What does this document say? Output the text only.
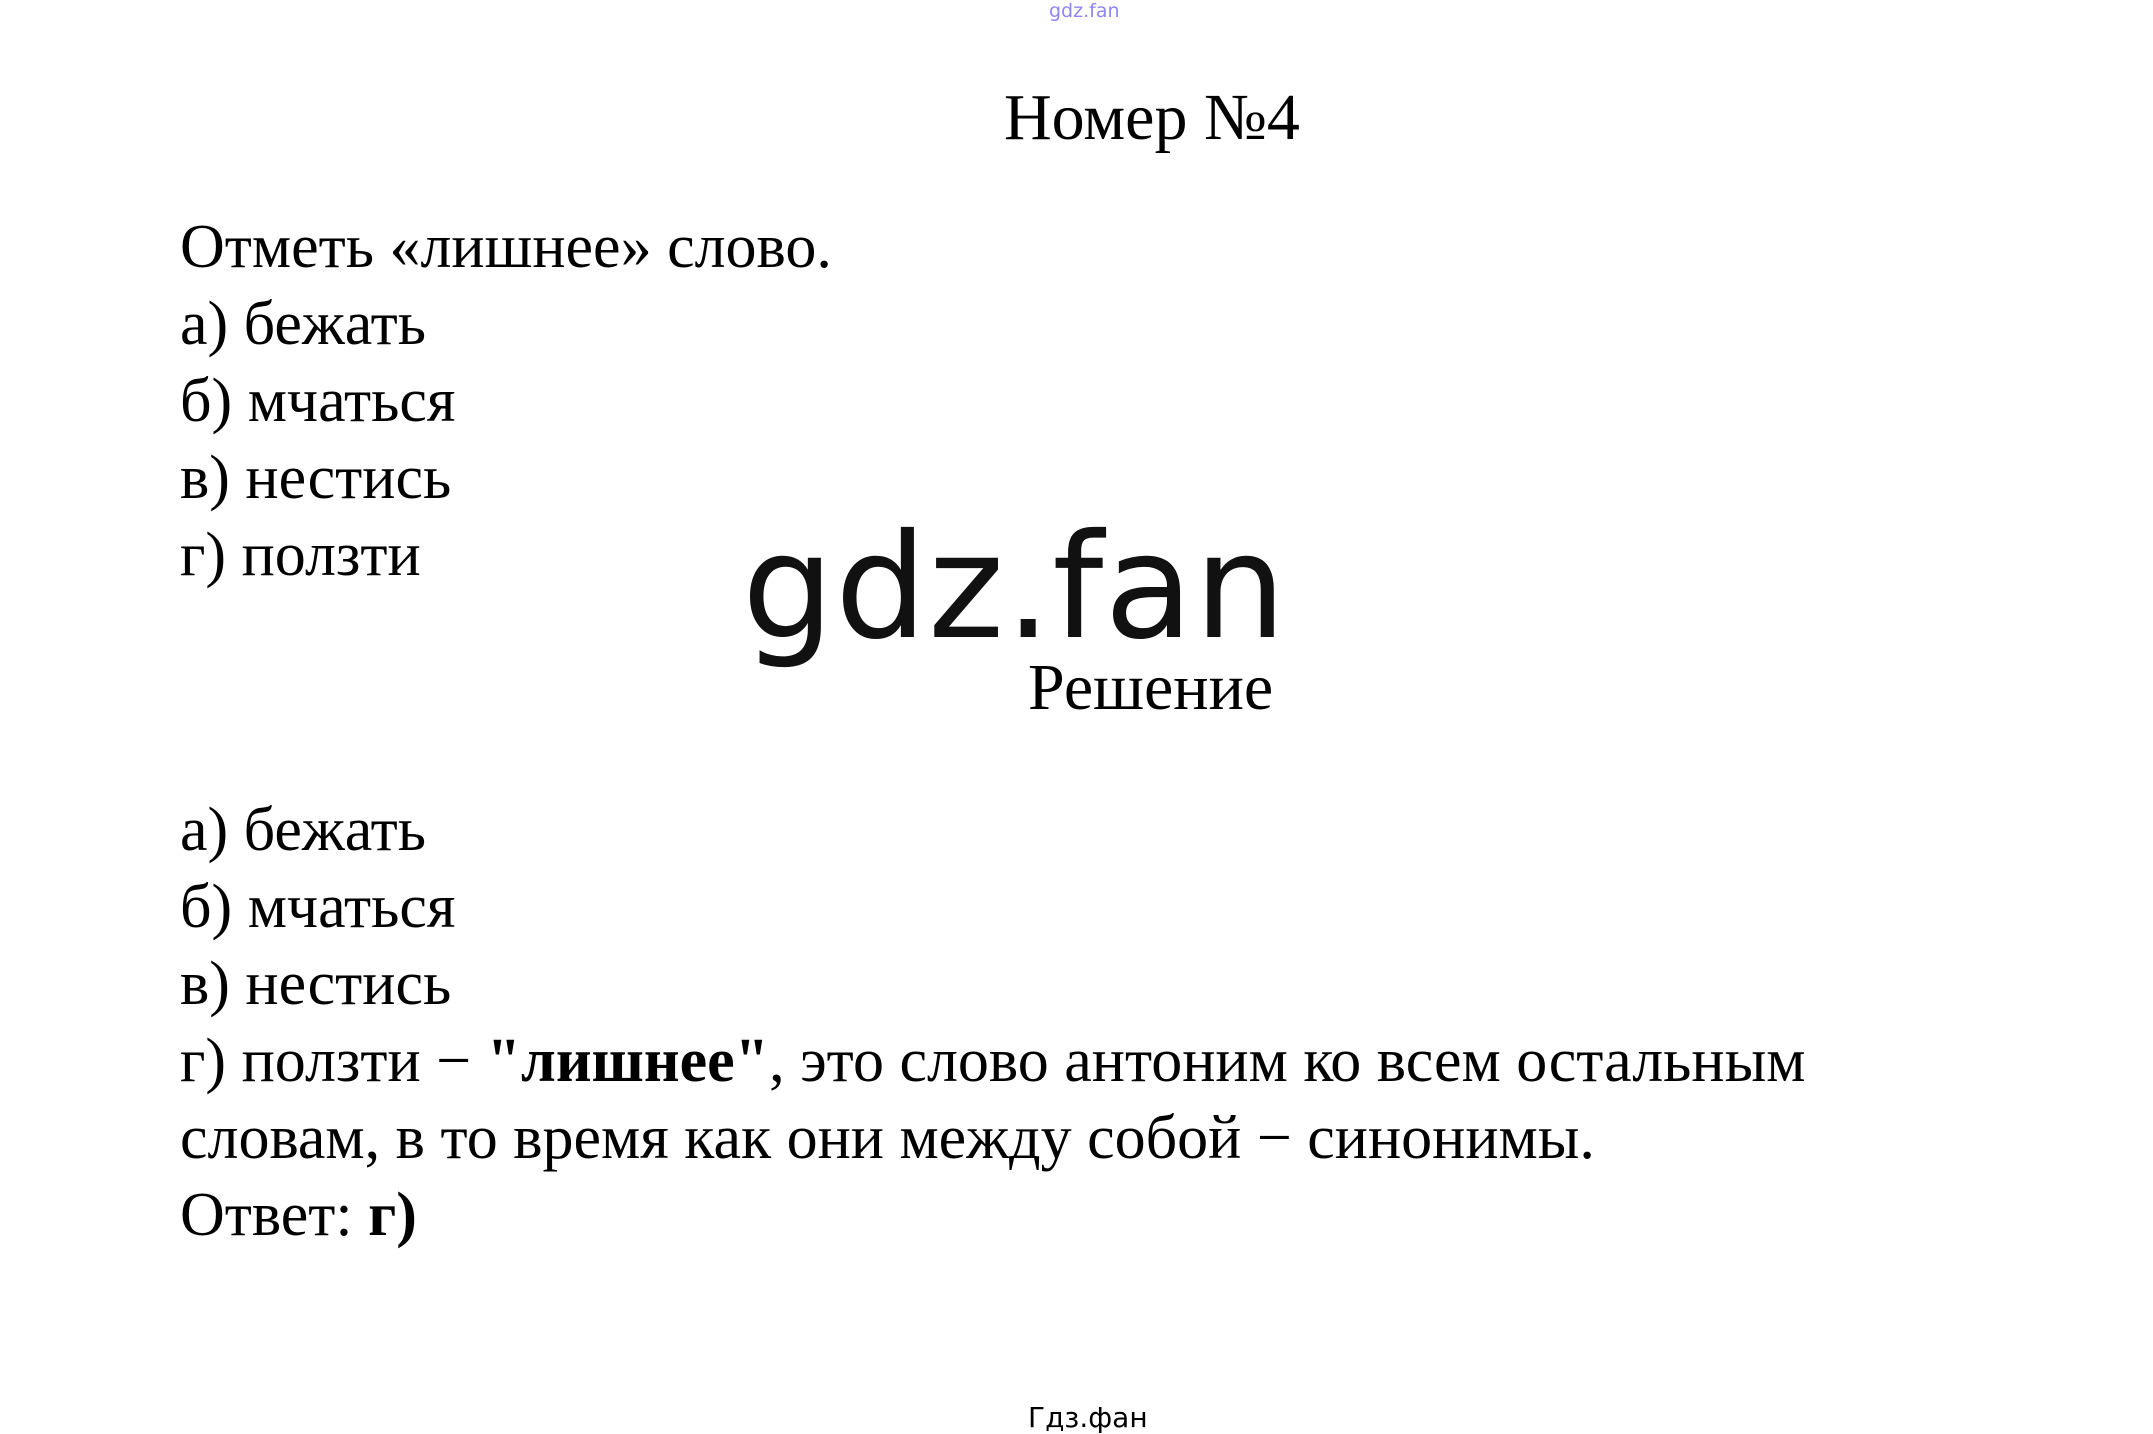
gdz.fan
Номер №4
Отметь «лишнее» слово.
а) бежать
б) мчаться
в) нестись
г) ползти gdz.fan
Решение
а) бежать
б) мчаться
в) нестись
г) ползти − "лишнее", это слово антоним ко всем остальным
словам, в то время как они между собой − синонимы.
Ответ: г)
Гдз.фан
